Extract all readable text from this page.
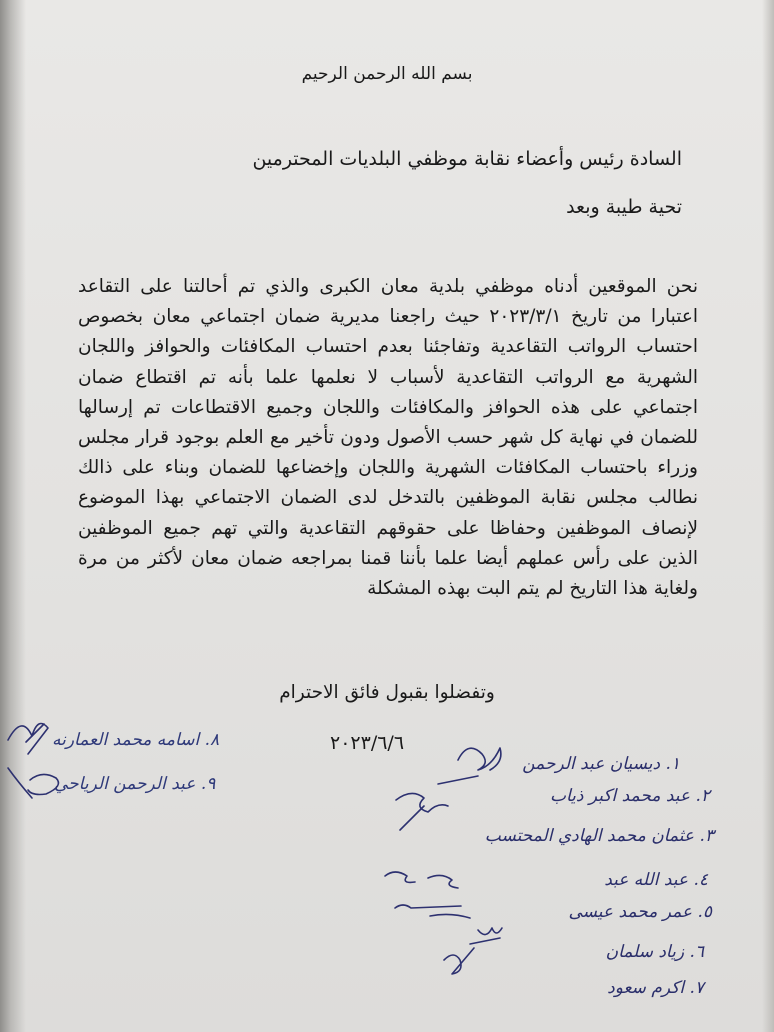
بسم الله الرحمن الرحيم
السادة رئيس وأعضاء نقابة موظفي البلديات المحترمين
تحية طيبة وبعد
نحن الموقعين أدناه موظفي بلدية معان الكبرى والذي تم أحالتنا على التقاعد اعتبارا من تاريخ ٢٠٢٣/٣/١ حيث راجعنا مديرية ضمان اجتماعي معان بخصوص احتساب الرواتب التقاعدية وتفاجئنا بعدم احتساب المكافئات والحوافز واللجان الشهرية مع الرواتب التقاعدية لأسباب لا نعلمها علما بأنه تم اقتطاع ضمان اجتماعي على هذه الحوافز والمكافئات واللجان وجميع الاقتطاعات تم إرسالها للضمان في نهاية كل شهر حسب الأصول ودون تأخير مع العلم بوجود قرار مجلس وزراء باحتساب المكافئات الشهرية واللجان وإخضاعها للضمان وبناء على ذالك نطالب مجلس نقابة الموظفين بالتدخل لدى الضمان الاجتماعي بهذا الموضوع لإنصاف الموظفين وحفاظا على حقوقهم التقاعدية والتي تهم جميع الموظفين الذين على رأس عملهم أيضا علما بأننا قمنا بمراجعه ضمان معان لأكثر من مرة ولغاية هذا التاريخ لم يتم البت بهذه المشكلة
وتفضلوا بقبول فائق الاحترام
٢٠٢٣/٦/٦
١. ديسيان عبد الرحمن
٢. عبد محمد اكبر ذياب
٣. عثمان محمد الهادي المحتسب
٤. عبد الله عبد
٥. عمر محمد عيسى
٦. زياد سلمان
٧. اكرم سعود
٨. اسامه محمد العمارنه
٩. عبد الرحمن الرياحي
